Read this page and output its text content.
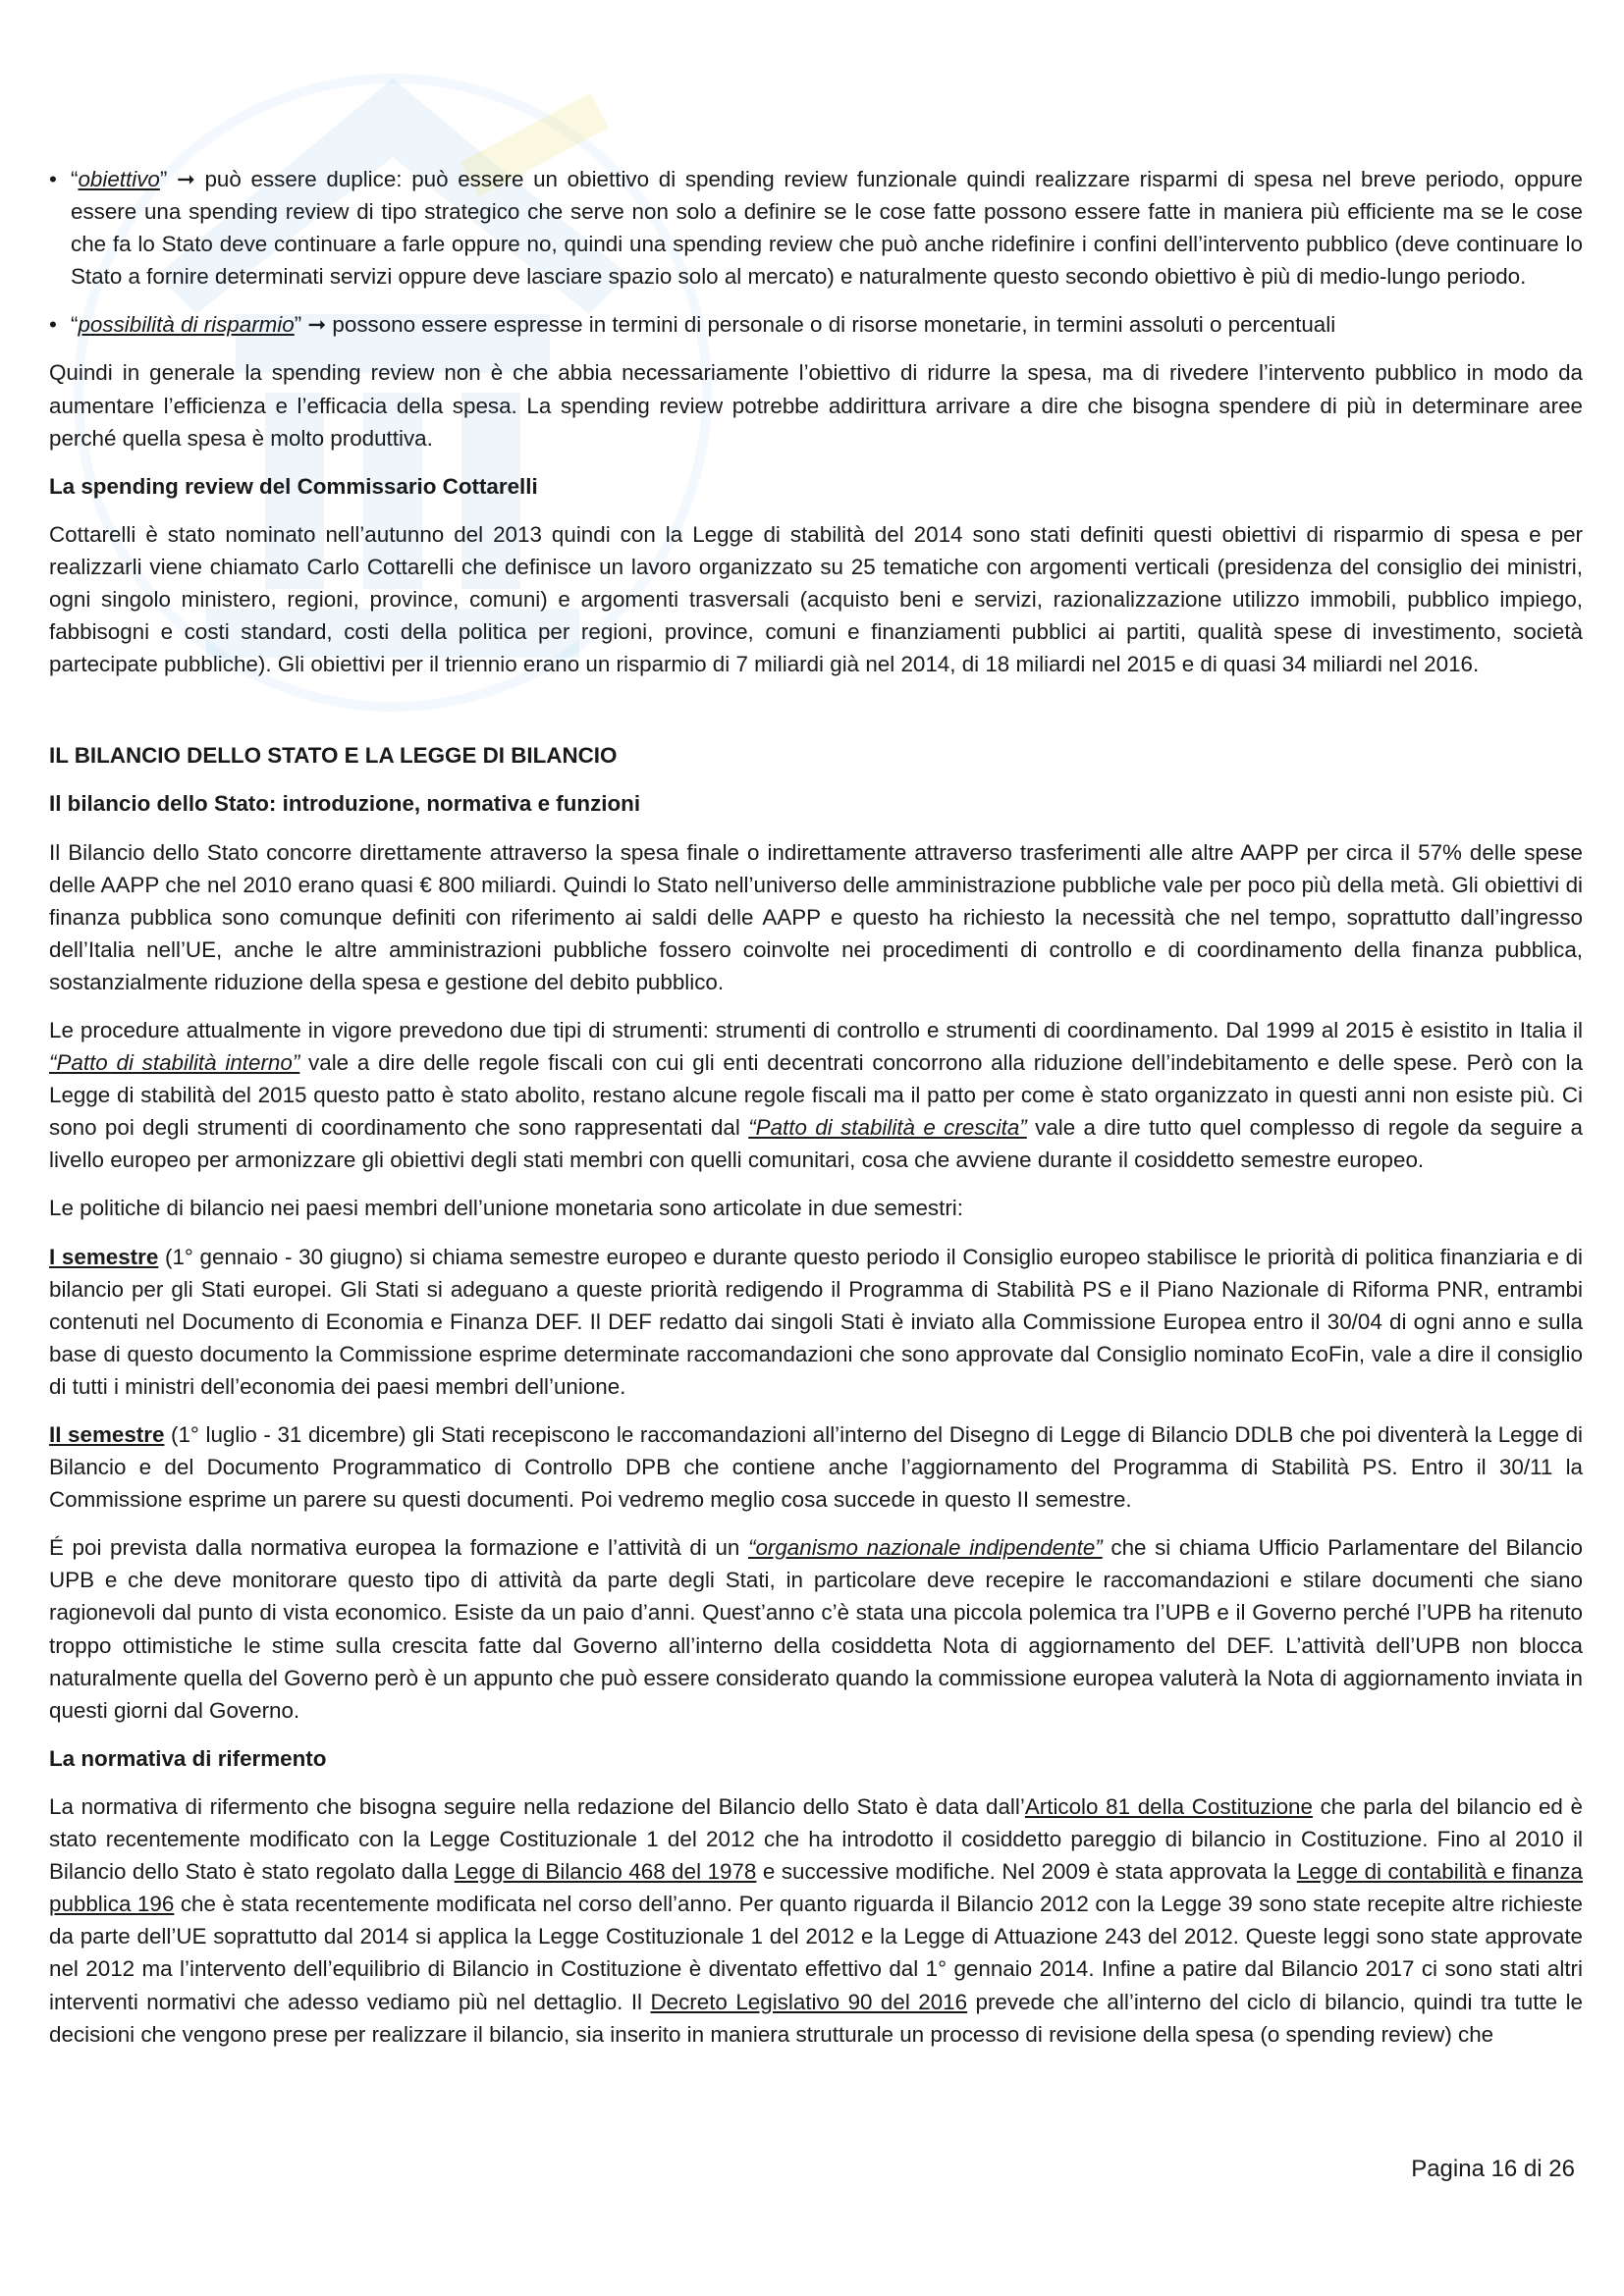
• “obiettivo” ➞ può essere duplice: può essere un obiettivo di spending review funzionale quindi realizzare risparmi di spesa nel breve periodo, oppure essere una spending review di tipo strategico che serve non solo a definire se le cose fatte possono essere fatte in maniera più efficiente ma se le cose che fa lo Stato deve continuare a farle oppure no, quindi una spending review che può anche ridefinire i confini dell’intervento pubblico (deve continuare lo Stato a fornire determinati servizi oppure deve lasciare spazio solo al mercato) e naturalmente questo secondo obiettivo è più di medio-lungo periodo.
• “possibilità di risparmio” ➞ possono essere espresse in termini di personale o di risorse monetarie, in termini assoluti o percentuali

Quindi in generale la spending review non è che abbia necessariamente l’obiettivo di ridurre la spesa, ma di rivedere l’intervento pubblico in modo da aumentare l’efficienza e l’efficacia della spesa. La spending review potrebbe addirittura arrivare a dire che bisogna spendere di più in determinare aree perché quella spesa è molto produttiva.

La spending review del Commissario Cottarelli

Cottarelli è stato nominato nell’autunno del 2013 quindi con la Legge di stabilità del 2014 sono stati definiti questi obiettivi di risparmio di spesa e per realizzarli viene chiamato Carlo Cottarelli che definisce un lavoro organizzato su 25 tematiche con argomenti verticali (presidenza del consiglio dei ministri, ogni singolo ministero, regioni, province, comuni) e argomenti trasversali (acquisto beni e servizi, razionalizzazione utilizzo immobili, pubblico impiego, fabbisogni e costi standard, costi della politica per regioni, province, comuni e finanziamenti pubblici ai partiti, qualità spese di investimento, società partecipate pubbliche). Gli obiettivi per il triennio erano un risparmio di 7 miliardi già nel 2014, di 18 miliardi nel 2015 e di quasi 34 miliardi nel 2016.

IL BILANCIO DELLO STATO E LA LEGGE DI BILANCIO
Il bilancio dello Stato: introduzione, normativa e funzioni

Il Bilancio dello Stato concorre direttamente attraverso la spesa finale o indirettamente attraverso trasferimenti alle altre AAPP per circa il 57% delle spese delle AAPP che nel 2010 erano quasi € 800 miliardi. Quindi lo Stato nell’universo delle amministrazione pubbliche vale per poco più della metà. Gli obiettivi di finanza pubblica sono comunque definiti con riferimento ai saldi delle AAPP e questo ha richiesto la necessità che nel tempo, soprattutto dall’ingresso dell’Italia nell’UE, anche le altre amministrazioni pubbliche fossero coinvolte nei procedimenti di controllo e di coordinamento della finanza pubblica, sostanzialmente riduzione della spesa e gestione del debito pubblico.

Le procedure attualmente in vigore prevedono due tipi di strumenti: strumenti di controllo e strumenti di coordinamento. Dal 1999 al 2015 è esistito in Italia il “Patto di stabilità interno” vale a dire delle regole fiscali con cui gli enti decentrati concorrono alla riduzione dell’indebitamento e delle spese. Però con la Legge di stabilità del 2015 questo patto è stato abolito, restano alcune regole fiscali ma il patto per come è stato organizzato in questi anni non esiste più. Ci sono poi degli strumenti di coordinamento che sono rappresentati dal “Patto di stabilità e crescita” vale a dire tutto quel complesso di regole da seguire a livello europeo per armonizzare gli obiettivi degli stati membri con quelli comunitari, cosa che avviene durante il cosiddetto semestre europeo.

Le politiche di bilancio nei paesi membri dell’unione monetaria sono articolate in due semestri:

I semestre (1° gennaio - 30 giugno) si chiama semestre europeo e durante questo periodo il Consiglio europeo stabilisce le priorità di politica finanziaria e di bilancio per gli Stati europei. Gli Stati si adeguano a queste priorità redigendo il Programma di Stabilità PS e il Piano Nazionale di Riforma PNR, entrambi contenuti nel Documento di Economia e Finanza DEF. Il DEF redatto dai singoli Stati è inviato alla Commissione Europea entro il 30/04 di ogni anno e sulla base di questo documento la Commissione esprime determinate raccomandazioni che sono approvate dal Consiglio nominato EcoFin, vale a dire il consiglio di tutti i ministri dell’economia dei paesi membri dell’unione.

II semestre (1° luglio - 31 dicembre) gli Stati recepiscono le raccomandazioni all’interno del Disegno di Legge di Bilancio DDLB che poi diventerà la Legge di Bilancio e del Documento Programmatico di Controllo DPB che contiene anche l’aggiornamento del Programma di Stabilità PS. Entro il 30/11 la Commissione esprime un parere su questi documenti. Poi vedremo meglio cosa succede in questo II semestre.

É poi prevista dalla normativa europea la formazione e l’attività di un “organismo nazionale indipendente” che si chiama Ufficio Parlamentare del Bilancio UPB e che deve monitorare questo tipo di attività da parte degli Stati, in particolare deve recepire le raccomandazioni e stilare documenti che siano ragionevoli dal punto di vista economico. Esiste da un paio d’anni. Quest’anno c’è stata una piccola polemica tra l’UPB e il Governo perché l’UPB ha ritenuto troppo ottimistiche le stime sulla crescita fatte dal Governo all’interno della cosiddetta Nota di aggiornamento del DEF. L’attività dell’UPB non blocca naturalmente quella del Governo però è un appunto che può essere considerato quando la commissione europea valuterà la Nota di aggiornamento inviata in questi giorni dal Governo.

La normativa di rifermento

La normativa di rifermento che bisogna seguire nella redazione del Bilancio dello Stato è data dall’Articolo 81 della Costituzione che parla del bilancio ed è stato recentemente modificato con la Legge Costituzionale 1 del 2012 che ha introdotto il cosiddetto pareggio di bilancio in Costituzione. Fino al 2010 il Bilancio dello Stato è stato regolato dalla Legge di Bilancio 468 del 1978 e successive modifiche. Nel 2009 è stata approvata la Legge di contabilità e finanza pubblica 196 che è stata recentemente modificata nel corso dell’anno. Per quanto riguarda il Bilancio 2012 con la Legge 39 sono state recepite altre richieste da parte dell’UE soprattutto dal 2014 si applica la Legge Costituzionale 1 del 2012 e la Legge di Attuazione 243 del 2012. Queste leggi sono state approvate nel 2012 ma l’intervento dell’equilibrio di Bilancio in Costituzione è diventato effettivo dal 1° gennaio 2014. Infine a patire dal Bilancio 2017 ci sono stati altri interventi normativi che adesso vediamo più nel dettaglio. Il Decreto Legislativo 90 del 2016 prevede che all’interno del ciclo di bilancio, quindi tra tutte le decisioni che vengono prese per realizzare il bilancio, sia inserito in maniera strutturale un processo di revisione della spesa (o spending review) che

Pagina 16 di 26
